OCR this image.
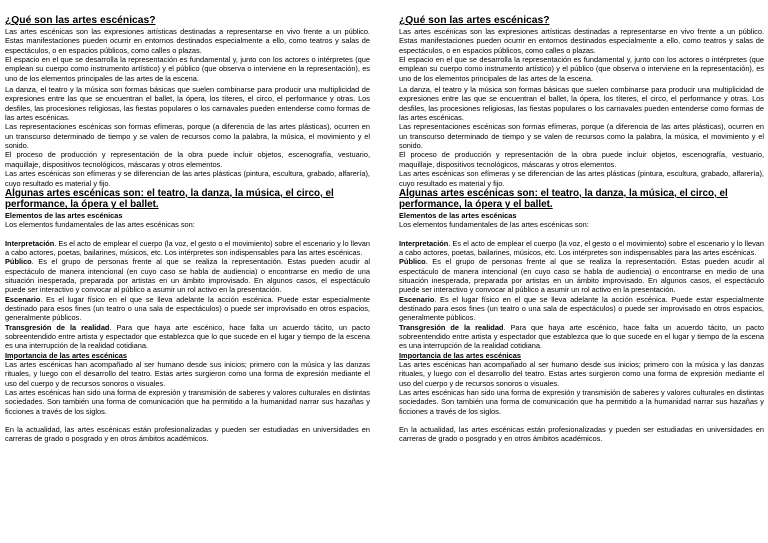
¿Qué son las artes escénicas?

Las artes escénicas son las expresiones artísticas destinadas a representarse en vivo frente a un público. Estas manifestaciones pueden ocurrir en entornos destinados especialmente a ello, como teatros y salas de espectáculos, o en espacios públicos, como calles o plazas.

El espacio en el que se desarrolla la representación es fundamental y, junto con los actores o intérpretes (que emplean su cuerpo como instrumento artístico) y el público (que observa o interviene en la representación), es uno de los elementos principales de las artes de la escena.

La danza, el teatro y la música son formas básicas que suelen combinarse para producir una multiplicidad de expresiones entre las que se encuentran el ballet, la ópera, los títeres, el circo, el performance y otras. Los desfiles, las procesiones religiosas, las fiestas populares o los carnavales pueden entenderse como formas de las artes escénicas.

Las representaciones escénicas son formas efímeras, porque (a diferencia de las artes plásticas), ocurren en un transcurso determinado de tiempo y se valen de recursos como la palabra, la música, el movimiento y el sonido.

El proceso de producción y representación de la obra puede incluir objetos, escenografía, vestuario, maquillaje, dispositivos tecnológicos, máscaras y otros elementos.

Las artes escénicas son efímeras y se diferencian de las artes plásticas (pintura, escultura, grabado, alfarería), cuyo resultado es material y fijo.

Algunas artes escénicas son: el teatro, la danza, la música, el circo, el performance, la ópera y el ballet.

Elementos de las artes escénicas

Los elementos fundamentales de las artes escénicas son:

Interpretación. Es el acto de emplear el cuerpo (la voz, el gesto o el movimiento) sobre el escenario y lo llevan a cabo actores, poetas, bailarines, músicos, etc. Los intérpretes son indispensables para las artes escénicas.

Público. Es el grupo de personas frente al que se realiza la representación. Estas pueden acudir al espectáculo de manera intencional (en cuyo caso se habla de audiencia) o encontrarse en medio de una situación inesperada, preparada por artistas en un ámbito improvisado. En algunos casos, el espectáculo puede ser interactivo y convocar al público a asumir un rol activo en la presentación.

Escenario. Es el lugar físico en el que se lleva adelante la acción escénica. Puede estar especialmente destinado para esos fines (un teatro o una sala de espectáculos) o puede ser improvisado en otros espacios, generalmente públicos.

Transgresión de la realidad. Para que haya arte escénico, hace falta un acuerdo tácito, un pacto sobreentendido entre artista y espectador que establezca que lo que sucede en el lugar y tiempo de la escena es una interrupción de la realidad cotidiana.

Importancia de las artes escénicas

Las artes escénicas han acompañado al ser humano desde sus inicios; primero con la música y las danzas rituales, y luego con el desarrollo del teatro. Estas artes surgieron como una forma de expresión mediante el uso del cuerpo y de recursos sonoros o visuales.

Las artes escénicas han sido una forma de expresión y transmisión de saberes y valores culturales en distintas sociedades. Son también una forma de comunicación que ha permitido a la humanidad narrar sus hazañas y ficciones a través de los siglos.

En la actualidad, las artes escénicas están profesionalizadas y pueden ser estudiadas en universidades en carreras de grado o posgrado y en otros ámbitos académicos.

¿Qué son las artes escénicas?

Las artes escénicas son las expresiones artísticas destinadas a representarse en vivo frente a un público. Estas manifestaciones pueden ocurrir en entornos destinados especialmente a ello, como teatros y salas de espectáculos, o en espacios públicos, como calles o plazas.

El espacio en el que se desarrolla la representación es fundamental y, junto con los actores o intérpretes (que emplean su cuerpo como instrumento artístico) y el público (que observa o interviene en la representación), es uno de los elementos principales de las artes de la escena.

La danza, el teatro y la música son formas básicas que suelen combinarse para producir una multiplicidad de expresiones entre las que se encuentran el ballet, la ópera, los títeres, el circo, el performance y otras. Los desfiles, las procesiones religiosas, las fiestas populares o los carnavales pueden entenderse como formas de las artes escénicas.

Las representaciones escénicas son formas efímeras, porque (a diferencia de las artes plásticas), ocurren en un transcurso determinado de tiempo y se valen de recursos como la palabra, la música, el movimiento y el sonido.

El proceso de producción y representación de la obra puede incluir objetos, escenografía, vestuario, maquillaje, dispositivos tecnológicos, máscaras y otros elementos.

Las artes escénicas son efímeras y se diferencian de las artes plásticas (pintura, escultura, grabado, alfarería), cuyo resultado es material y fijo.

Algunas artes escénicas son: el teatro, la danza, la música, el circo, el performance, la ópera y el ballet.

Elementos de las artes escénicas

Los elementos fundamentales de las artes escénicas son:

Interpretación. Es el acto de emplear el cuerpo (la voz, el gesto o el movimiento) sobre el escenario y lo llevan a cabo actores, poetas, bailarines, músicos, etc. Los intérpretes son indispensables para las artes escénicas.

Público. Es el grupo de personas frente al que se realiza la representación. Estas pueden acudir al espectáculo de manera intencional (en cuyo caso se habla de audiencia) o encontrarse en medio de una situación inesperada, preparada por artistas en un ámbito improvisado. En algunos casos, el espectáculo puede ser interactivo y convocar al público a asumir un rol activo en la presentación.

Escenario. Es el lugar físico en el que se lleva adelante la acción escénica. Puede estar especialmente destinado para esos fines (un teatro o una sala de espectáculos) o puede ser improvisado en otros espacios, generalmente públicos.

Transgresión de la realidad. Para que haya arte escénico, hace falta un acuerdo tácito, un pacto sobreentendido entre artista y espectador que establezca que lo que sucede en el lugar y tiempo de la escena es una interrupción de la realidad cotidiana.

Importancia de las artes escénicas

Las artes escénicas han acompañado al ser humano desde sus inicios; primero con la música y las danzas rituales, y luego con el desarrollo del teatro. Estas artes surgieron como una forma de expresión mediante el uso del cuerpo y de recursos sonoros o visuales.

Las artes escénicas han sido una forma de expresión y transmisión de saberes y valores culturales en distintas sociedades. Son también una forma de comunicación que ha permitido a la humanidad narrar sus hazañas y ficciones a través de los siglos.

En la actualidad, las artes escénicas están profesionalizadas y pueden ser estudiadas en universidades en carreras de grado o posgrado y en otros ámbitos académicos.
